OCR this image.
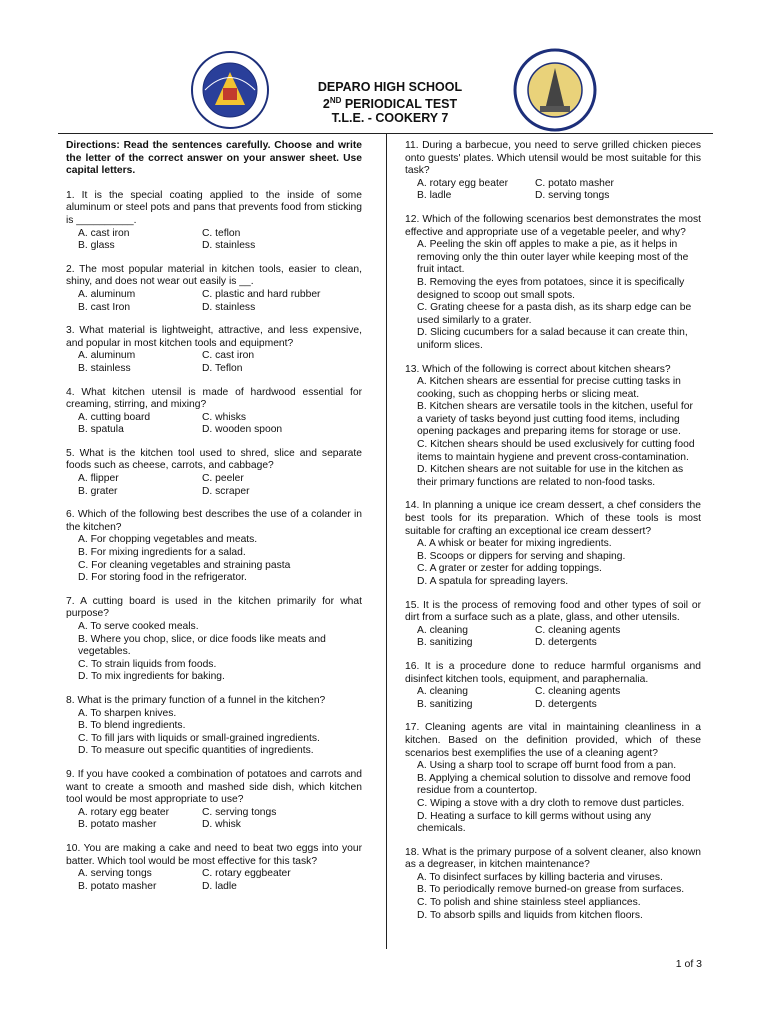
DEPARO HIGH SCHOOL
2ND PERIODICAL TEST
T.L.E. - COOKERY 7
Directions: Read the sentences carefully. Choose and write the letter of the correct answer on your answer sheet. Use capital letters.
1. It is the special coating applied to the inside of some aluminum or steel pots and pans that prevents food from sticking is __________.
A. cast iron	C. teflon
B. glass	D. stainless
2. The most popular material in kitchen tools, easier to clean, shiny, and does not wear out easily is __.
A. aluminum	C. plastic and hard rubber
B. cast Iron	D. stainless
3. What material is lightweight, attractive, and less expensive, and popular in most kitchen tools and equipment?
A. aluminum	C. cast iron
B. stainless	D. Teflon
4. What kitchen utensil is made of hardwood essential for creaming, stirring, and mixing?
A. cutting board	C. whisks
B. spatula	D. wooden spoon
5. What is the kitchen tool used to shred, slice and separate foods such as cheese, carrots, and cabbage?
A. flipper	C. peeler
B. grater	D. scraper
6. Which of the following best describes the use of a colander in the kitchen?
A. For chopping vegetables and meats.
B. For mixing ingredients for a salad.
C. For cleaning vegetables and straining pasta
D. For storing food in the refrigerator.
7. A cutting board is used in the kitchen primarily for what purpose?
A. To serve cooked meals.
B. Where you chop, slice, or dice foods like meats and vegetables.
C. To strain liquids from foods.
D. To mix ingredients for baking.
8. What is the primary function of a funnel in the kitchen?
A. To sharpen knives.
B. To blend ingredients.
C. To fill jars with liquids or small-grained ingredients.
D. To measure out specific quantities of ingredients.
9. If you have cooked a combination of potatoes and carrots and want to create a smooth and mashed side dish, which kitchen tool would be most appropriate to use?
A. rotary egg beater	C. serving tongs
B. potato masher	D. whisk
10. You are making a cake and need to beat two eggs into your batter. Which tool would be most effective for this task?
A. serving tongs	C. rotary eggbeater
B. potato masher	D. ladle
11. During a barbecue, you need to serve grilled chicken pieces onto guests' plates. Which utensil would be most suitable for this task?
A. rotary egg beater	C. potato masher
B. ladle	D. serving tongs
12. Which of the following scenarios best demonstrates the most effective and appropriate use of a vegetable peeler, and why?
A. Peeling the skin off apples to make a pie, as it helps in removing only the thin outer layer while keeping most of the fruit intact.
B. Removing the eyes from potatoes, since it is specifically designed to scoop out small spots.
C. Grating cheese for a pasta dish, as its sharp edge can be used similarly to a grater.
D. Slicing cucumbers for a salad because it can create thin, uniform slices.
13. Which of the following is correct about kitchen shears?
A. Kitchen shears are essential for precise cutting tasks in cooking, such as chopping herbs or slicing meat.
B. Kitchen shears are versatile tools in the kitchen, useful for a variety of tasks beyond just cutting food items, including opening packages and preparing items for storage or use.
C. Kitchen shears should be used exclusively for cutting food items to maintain hygiene and prevent cross-contamination.
D. Kitchen shears are not suitable for use in the kitchen as their primary functions are related to non-food tasks.
14. In planning a unique ice cream dessert, a chef considers the best tools for its preparation. Which of these tools is most suitable for crafting an exceptional ice cream dessert?
A. A whisk or beater for mixing ingredients.
B. Scoops or dippers for serving and shaping.
C. A grater or zester for adding toppings.
D. A spatula for spreading layers.
15. It is the process of removing food and other types of soil or dirt from a surface such as a plate, glass, and other utensils.
A. cleaning	C. cleaning agents
B. sanitizing	D. detergents
16. It is a procedure done to reduce harmful organisms and disinfect kitchen tools, equipment, and paraphernalia.
A. cleaning	C. cleaning agents
B. sanitizing	D. detergents
17. Cleaning agents are vital in maintaining cleanliness in a kitchen. Based on the definition provided, which of these scenarios best exemplifies the use of a cleaning agent?
A. Using a sharp tool to scrape off burnt food from a pan.
B. Applying a chemical solution to dissolve and remove food residue from a countertop.
C. Wiping a stove with a dry cloth to remove dust particles.
D. Heating a surface to kill germs without using any chemicals.
18. What is the primary purpose of a solvent cleaner, also known as a degreaser, in kitchen maintenance?
A. To disinfect surfaces by killing bacteria and viruses.
B. To periodically remove burned-on grease from surfaces.
C. To polish and shine stainless steel appliances.
D. To absorb spills and liquids from kitchen floors.
1 of 3
